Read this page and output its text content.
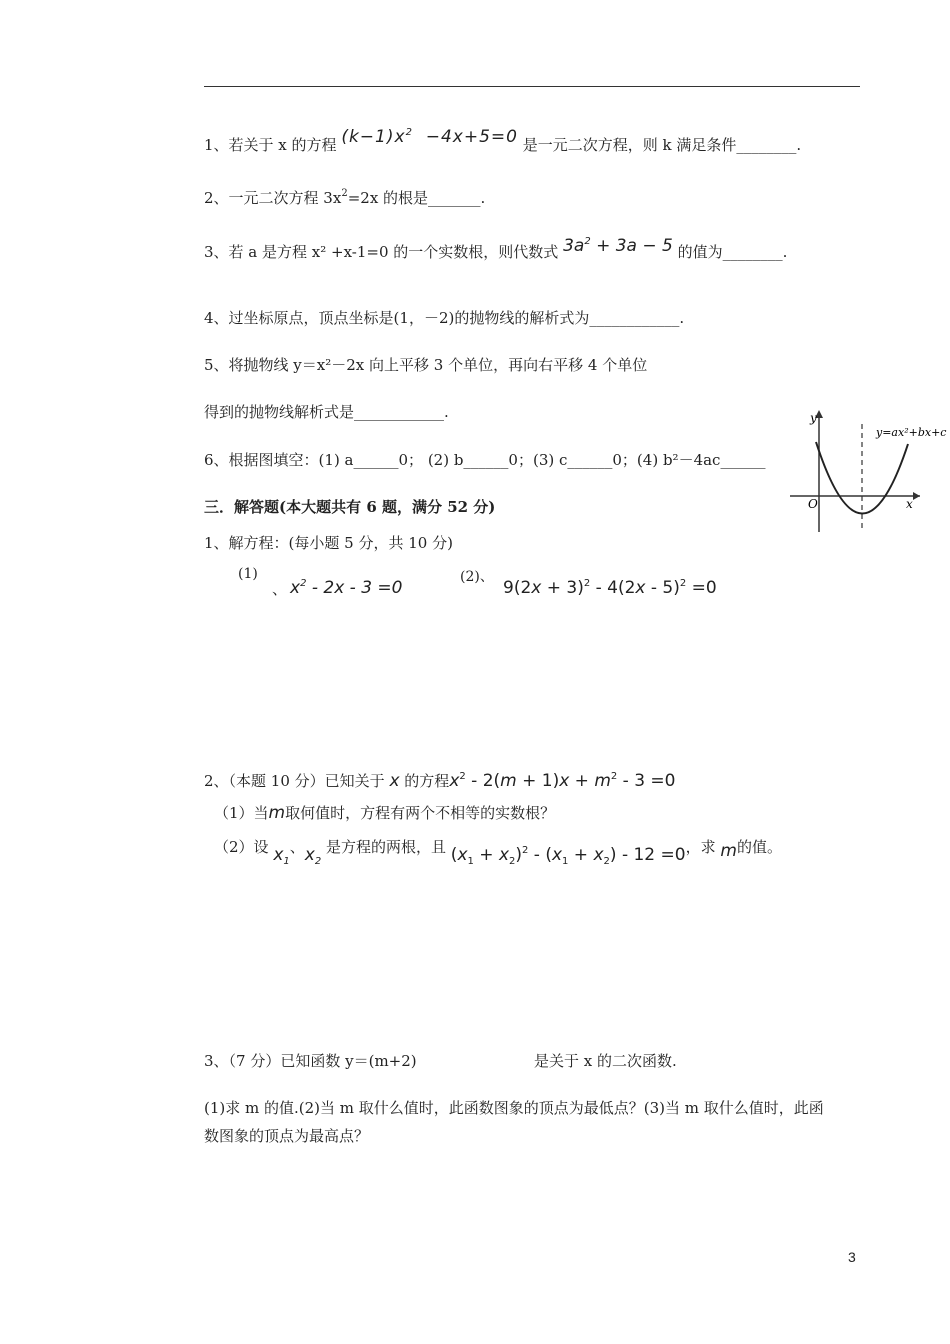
1、若关于 x 的方程 $(k-1)x^2 -4x+5=0$ 是一元二次方程，则 k 满足条件________.
2、一元二次方程 $3x^2=2x$ 的根是_______.
3、若 a 是方程 x² +x-1=0 的一个实数根，则代数式 $3a^2 + 3a - 5$ 的值为________.
4、过坐标原点，顶点坐标是(1，－2)的抛物线的解析式为____________.
5、将抛物线 y＝x²－2x 向上平移 3 个单位，再向右平移 4 个单位
得到的抛物线解析式是____________.
6、根据图填空：(1) a______0； (2) b______0；(3) c______0；(4) b²－4ac______
y
x
O
y=ax²+bx+c
三．解答题(本大题共有 6 题，满分 52 分)
1、解方程：(每小题 5 分，共 10 分)
(1)
、 $x^2 - 2x - 3 =0$
(2)、
$9(2x + 3)^2 - 4(2x - 5)^2 =0$
2、（本题 10 分）已知关于 x 的方程$x^2 - 2(m + 1)x + m^2 - 3 =0$
（1）当m取何值时，方程有两个不相等的实数根？
（2）设 $x_1$、$x_2$ 是方程的两根，且 $(x_1 + x_2)^2 - (x_1 + x_2) - 12 =0$，求 m的值。
3、（7 分）已知函数 y＝(m+2)	是关于 x 的二次函数.
(1)求 m 的值.(2)当 m 取什么值时，此函数图象的顶点为最低点？(3)当 m 取什么值时，此函
数图象的顶点为最高点？
3
